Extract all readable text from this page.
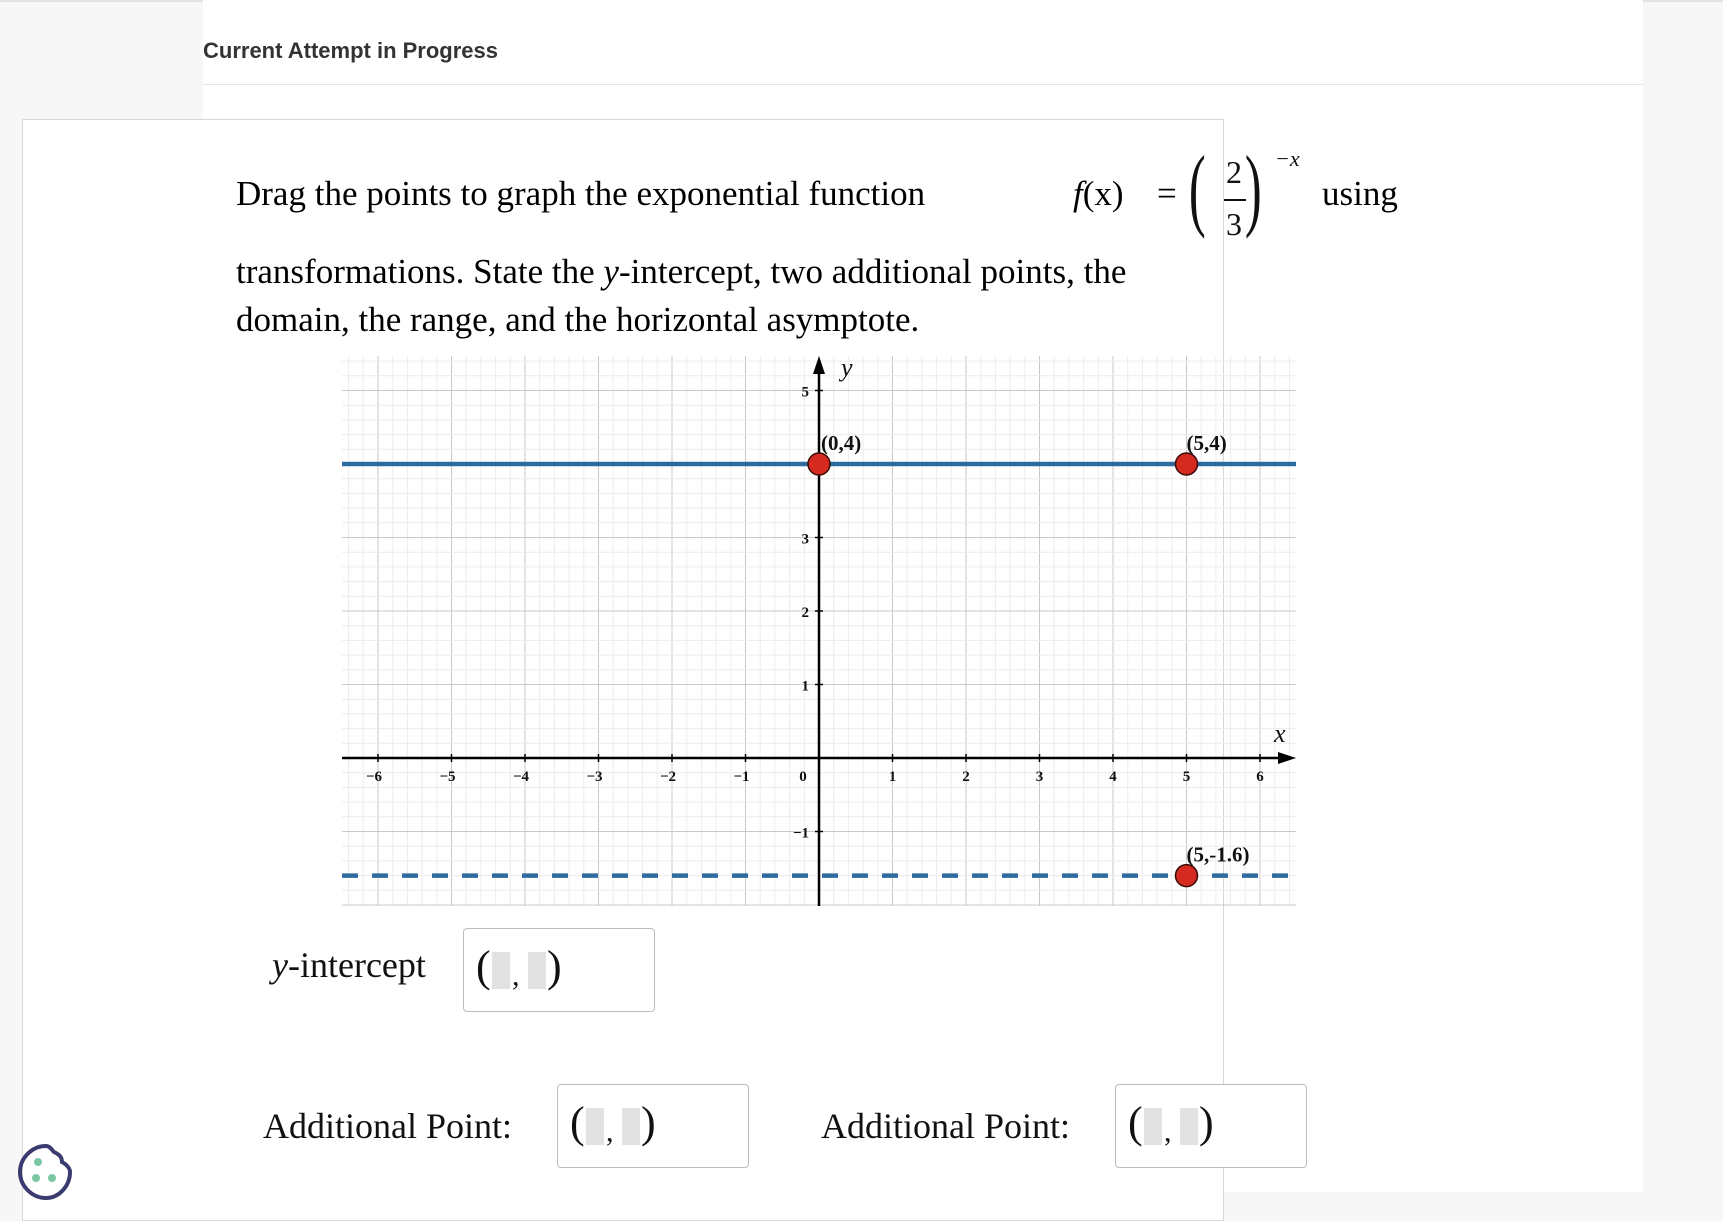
Current Attempt in Progress
Drag the points to graph the exponential function	f(x) = ( 2
3 ) −x
using
transformations. State the y-intercept, two additional points, the
domain, the range, and the horizontal asymptote.
x
y
−6	−5	−4	−3	−2	−1	0	1	2	3	4	5	6
5
3
2
1
−1
(0,4)	(5,4)
(5,-1.6)
y-intercept ( , )
Additional Point: ( , )	Additional Point: ( , )
